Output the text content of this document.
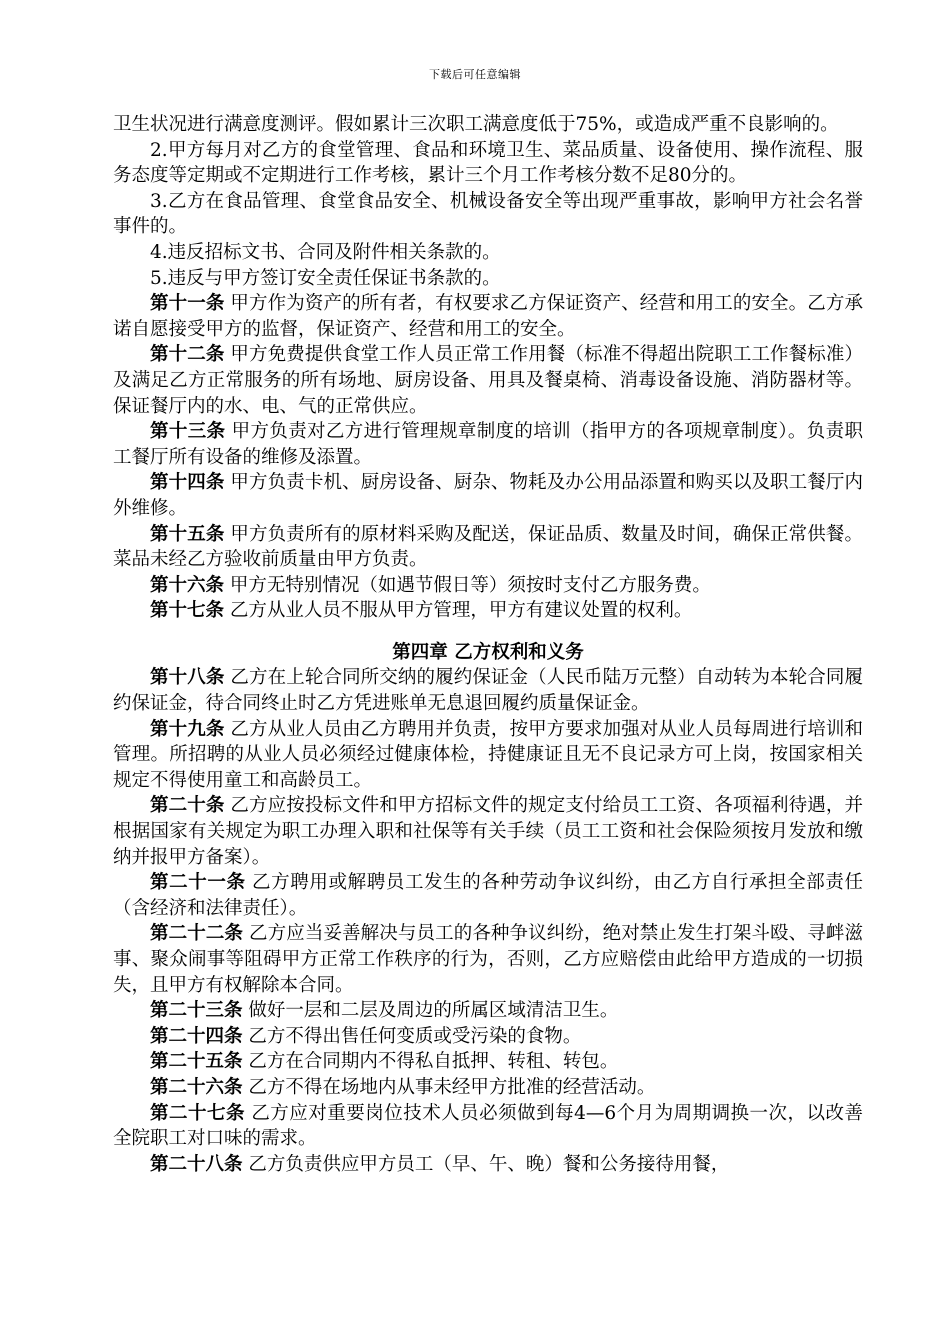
下载后可任意编辑

卫生状况进行满意度测评。假如累计三次职工满意度低于75%，或造成严重不良影响的。

2.甲方每月对乙方的食堂管理、食品和环境卫生、菜品质量、设备使用、操作流程、服务态度等定期或不定期进行工作考核，累计三个月工作考核分数不足80分的。

3.乙方在食品管理、食堂食品安全、机械设备安全等出现严重事故，影响甲方社会名誉事件的。

4.违反招标文书、合同及附件相关条款的。

5.违反与甲方签订安全责任保证书条款的。

第十一条 甲方作为资产的所有者，有权要求乙方保证资产、经营和用工的安全。乙方承诺自愿接受甲方的监督，保证资产、经营和用工的安全。

第十二条 甲方免费提供食堂工作人员正常工作用餐（标准不得超出院职工工作餐标准）及满足乙方正常服务的所有场地、厨房设备、用具及餐桌椅、消毒设备设施、消防器材等。保证餐厅内的水、电、气的正常供应。

第十三条 甲方负责对乙方进行管理规章制度的培训（指甲方的各项规章制度）。负责职工餐厅所有设备的维修及添置。

第十四条 甲方负责卡机、厨房设备、厨杂、物耗及办公用品添置和购买以及职工餐厅内外维修。

第十五条 甲方负责所有的原材料采购及配送，保证品质、数量及时间，确保正常供餐。菜品未经乙方验收前质量由甲方负责。

第十六条 甲方无特别情况（如遇节假日等）须按时支付乙方服务费。

第十七条 乙方从业人员不服从甲方管理，甲方有建议处置的权利。

第四章 乙方权利和义务

第十八条 乙方在上轮合同所交纳的履约保证金（人民币陆万元整）自动转为本轮合同履约保证金，待合同终止时乙方凭进账单无息退回履约质量保证金。

第十九条 乙方从业人员由乙方聘用并负责，按甲方要求加强对从业人员每周进行培训和管理。所招聘的从业人员必须经过健康体检，持健康证且无不良记录方可上岗，按国家相关规定不得使用童工和高龄员工。

第二十条 乙方应按投标文件和甲方招标文件的规定支付给员工工资、各项福利待遇，并根据国家有关规定为职工办理入职和社保等有关手续（员工工资和社会保险须按月发放和缴纳并报甲方备案）。

第二十一条 乙方聘用或解聘员工发生的各种劳动争议纠纷，由乙方自行承担全部责任（含经济和法律责任）。

第二十二条 乙方应当妥善解决与员工的各种争议纠纷，绝对禁止发生打架斗殴、寻衅滋事、聚众闹事等阻碍甲方正常工作秩序的行为，否则，乙方应赔偿由此给甲方造成的一切损失，且甲方有权解除本合同。

第二十三条 做好一层和二层及周边的所属区域清洁卫生。

第二十四条 乙方不得出售任何变质或受污染的食物。

第二十五条 乙方在合同期内不得私自抵押、转租、转包。

第二十六条 乙方不得在场地内从事未经甲方批准的经营活动。

第二十七条 乙方应对重要岗位技术人员必须做到每4—6个月为周期调换一次，以改善全院职工对口味的需求。

第二十八条 乙方负责供应甲方员工（早、午、晚）餐和公务接待用餐，
